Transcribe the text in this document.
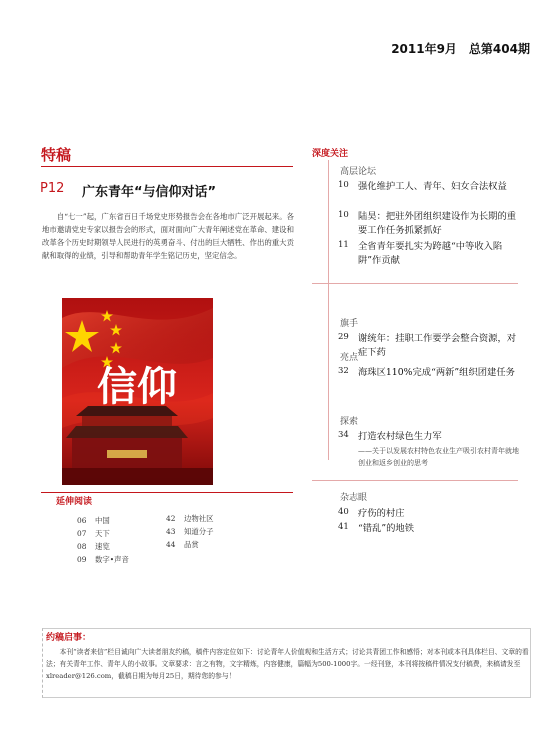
2011年9月　总第404期
特稿
P12 广东青年“与信仰对话”
自“七一”起，广东省百日千场党史形势报告会在各地市广泛开展起来。各地市邀请党史专家以报告会的形式，面对面向广大青年阐述党在革命、建设和改革各个历史时期领导人民进行的英勇奋斗、付出的巨大牺牲、作出的重大贡献和取得的业绩，引导和帮助青年学生铭记历史，坚定信念。
信仰
延伸阅读
06 中国
07 天下
08 速览
09 数字•声音
42 边物社区
43 知道分子
44 品赏
深度关注
高层论坛
10 强化维护工人、青年、妇女合法权益
10 陆昊：把驻外团组织建设作为长期的重要工作任务抓紧抓好
11 全省青年要扎实为跨越“中等收入陷阱”作贡献
旗手
29 谢统年：挂职工作要学会整合资源，对症下药
亮点
32 海珠区110%完成“两新”组织团建任务
探索
34 打造农村绿色生力军
——关于以发展农村特色农业生产吸引农村青年就地创业和返乡创业的思考
杂志眼
40 疗伤的村庄
41 “错乱”的地铁
约稿启事：
本刊“读者来信”栏目诚向广大读者朋友约稿，稿件内容定位如下：讨论青年人价值观和生活方式；讨论共青团工作和感悟；对本刊或本刊具体栏目、文章的看法；有关青年工作、青年人的小故事。文章要求：言之有物，文字精炼，内容健康，篇幅为500-1000字。一经刊登，本刊将按稿件情况支付稿费，来稿请发至xlreader@126.com，截稿日期为每月25日，期待您的参与！
